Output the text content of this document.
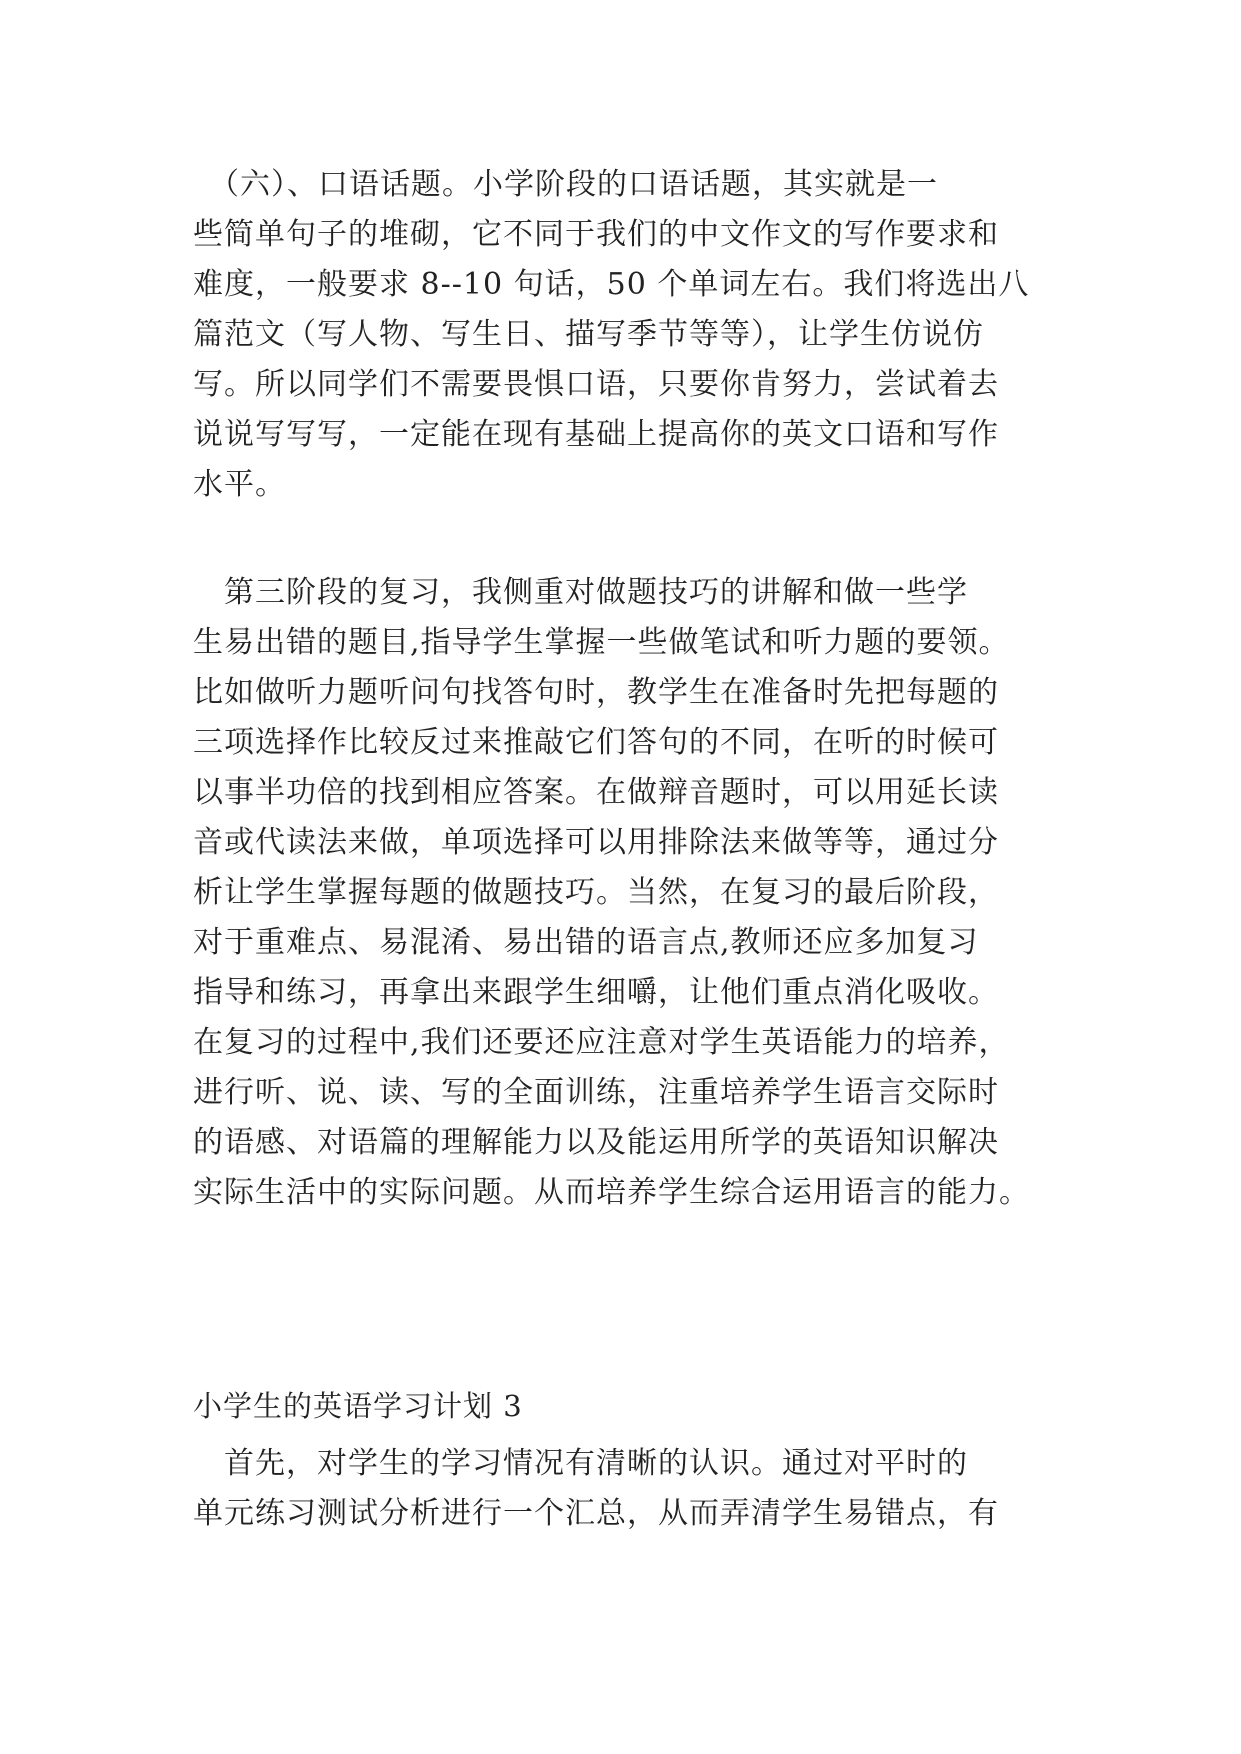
　（六）、口语话题。小学阶段的口语话题，其实就是一
些简单句子的堆砌，它不同于我们的中文作文的写作要求和
难度，一般要求 8--10 句话，50 个单词左右。我们将选出八
篇范文（写人物、写生日、描写季节等等），让学生仿说仿
写。所以同学们不需要畏惧口语，只要你肯努力，尝试着去
说说写写写，一定能在现有基础上提高你的英文口语和写作
水平。
　第三阶段的复习，我侧重对做题技巧的讲解和做一些学
生易出错的题目,指导学生掌握一些做笔试和听力题的要领。
比如做听力题听问句找答句时，教学生在准备时先把每题的
三项选择作比较反过来推敲它们答句的不同，在听的时候可
以事半功倍的找到相应答案。在做辩音题时，可以用延长读
音或代读法来做，单项选择可以用排除法来做等等，通过分
析让学生掌握每题的做题技巧。当然，在复习的最后阶段，
对于重难点、易混淆、易出错的语言点,教师还应多加复习
指导和练习，再拿出来跟学生细嚼，让他们重点消化吸收。
在复习的过程中,我们还要还应注意对学生英语能力的培养，
进行听、说、读、写的全面训练，注重培养学生语言交际时
的语感、对语篇的理解能力以及能运用所学的英语知识解决
实际生活中的实际问题。从而培养学生综合运用语言的能力。
小学生的英语学习计划 3
　首先，对学生的学习情况有清晰的认识。通过对平时的
单元练习测试分析进行一个汇总，从而弄清学生易错点，有
